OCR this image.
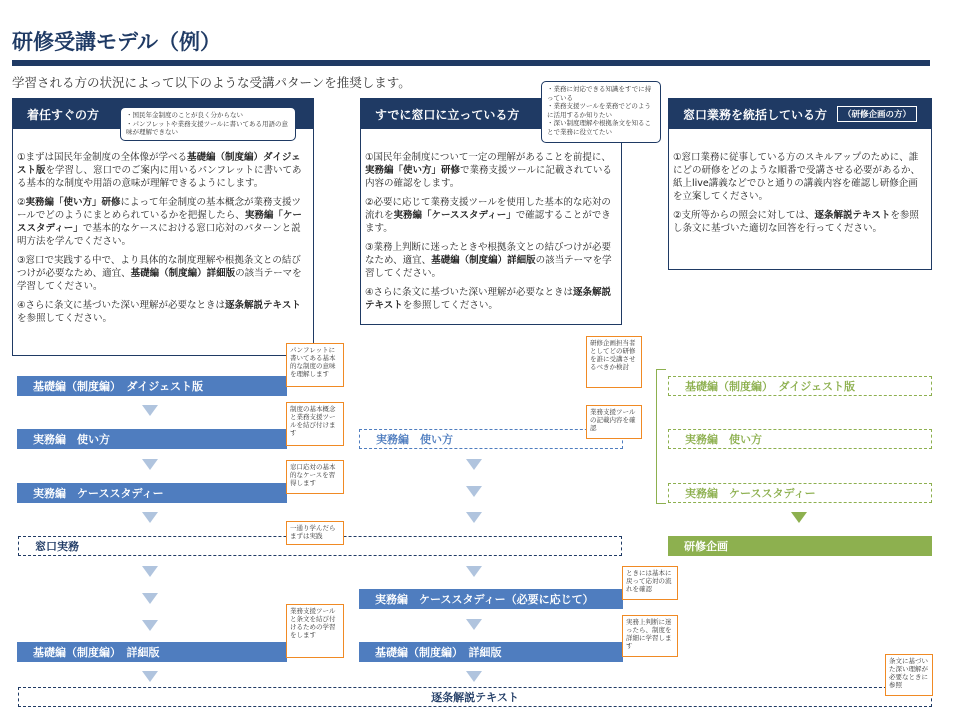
研修受講モデル（例）
学習される方の状況によって以下のような受講パターンを推奨します。
着任すぐの方

①まずは国民年金制度の全体像が学べる基礎編（制度編）ダイジェスト版を学習し、窓口でのご案内に用いるパンフレットに書いてある基本的な制度や用語の意味が理解できるようにします。

②実務編「使い方」研修によって年金制度の基本概念が業務支援ツールでどのようにまとめられているかを把握したら、実務編「ケーススタディー」で基本的なケースにおける窓口応対のパターンと説明方法を学んでください。

③窓口で実践する中で、より具体的な制度理解や根拠条文との結びつけが必要なため、適宜、基礎編（制度編）詳細版の該当テーマを学習してください。

④さらに条文に基づいた深い理解が必要なときは逐条解説テキストを参照してください。

・国民年金制度のことが良く分からない
・パンフレットや業務支援ツールに書いてある用語の意味が理解できない
すでに窓口に立っている方

①国民年金制度について一定の理解があることを前提に、実務編「使い方」研修で業務支援ツールに記載されている内容の確認をします。

②必要に応じて業務支援ツールを使用した基本的な応対の流れを実務編「ケーススタディー」で確認することができます。

③業務上判断に迷ったときや根拠条文との結びつけが必要なため、適宜、基礎編（制度編）詳細版の該当テーマを学習してください。

④さらに条文に基づいた深い理解が必要なときは逐条解説テキストを参照してください。

・業務に対応できる知識をすでに持っている
・業務支援ツールを業務でどのように活用するか知りたい
・深い制度理解や根拠条文を知ることで業務に役立てたい
窓口業務を統括している方	（研修企画の方）

①窓口業務に従事している方のスキルアップのために、誰にどの研修をどのような順番で受講させる必要があるか、紙上live講義などでひと通りの講義内容を確認し研修企画を立案してください。

②支所等からの照会に対しては、逐条解説テキストを参照し条文に基づいた適切な回答を行ってください。

基礎編（制度編）　ダイジェスト版
実務編　使い方
実務編　ケーススタディー
基礎編（制度編）　詳細版
窓口実務
実務編　使い方
実務編　ケーススタディー（必要に応じて）
基礎編（制度編）　詳細版
基礎編（制度編）　ダイジェスト版
実務編　使い方
実務編　ケーススタディー
研修企画
逐条解説テキスト
パンフレットに書いてある基本的な制度の意味を理解します
制度の基本概念と業務支援ツールを結び付けます
窓口応対の基本的なケースを習得します
一通り学んだらまずは実践
業務支援ツールと条文を結び付けるための学習をします
研修企画担当者としてどの研修を誰に受講させるべきか検討
業務支援ツールの記載内容を確認
ときには基本に戻って応対の流れを確認
実務上判断に迷ったら、制度を詳細に学習します
条文に基づいた深い理解が必要なときに参照
